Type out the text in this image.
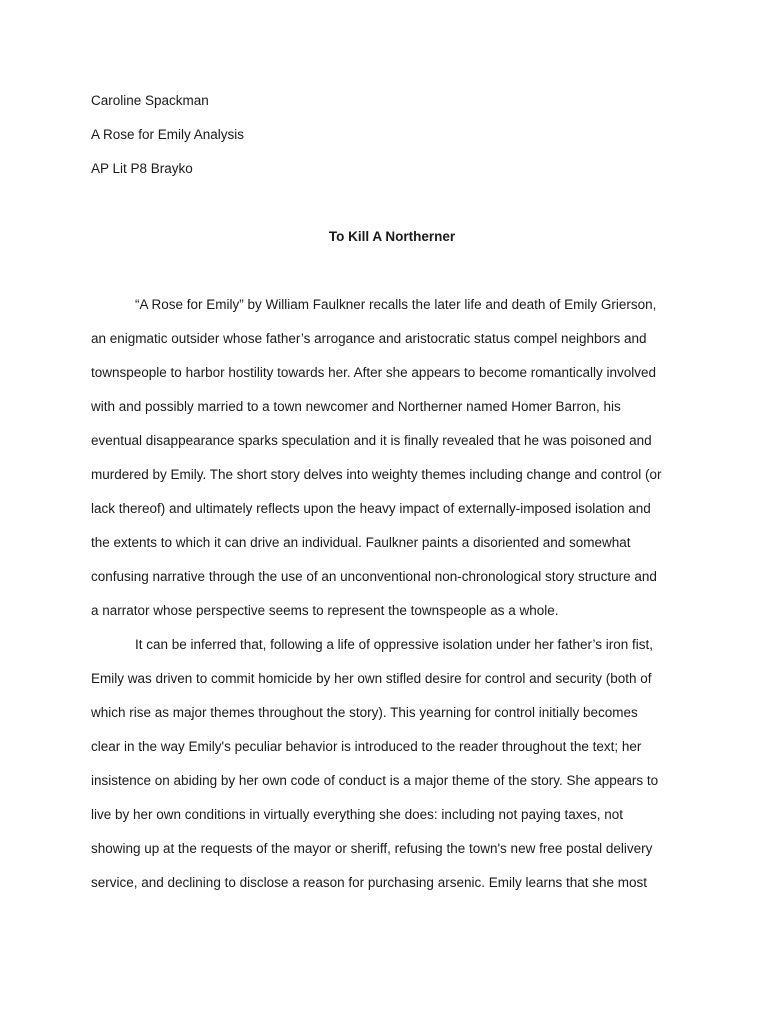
Caroline Spackman
A Rose for Emily Analysis
AP Lit P8 Brayko
To Kill A Northerner
“A Rose for Emily” by William Faulkner recalls the later life and death of Emily Grierson,
an enigmatic outsider whose father’s arrogance and aristocratic status compel neighbors and
townspeople to harbor hostility towards her. After she appears to become romantically involved
with and possibly married to a town newcomer and Northerner named Homer Barron, his
eventual disappearance sparks speculation and it is finally revealed that he was poisoned and
murdered by Emily. The short story delves into weighty themes including change and control (or
lack thereof) and ultimately reflects upon the heavy impact of externally-imposed isolation and
the extents to which it can drive an individual. Faulkner paints a disoriented and somewhat
confusing narrative through the use of an unconventional non-chronological story structure and
a narrator whose perspective seems to represent the townspeople as a whole.
It can be inferred that, following a life of oppressive isolation under her father’s iron fist,
Emily was driven to commit homicide by her own stifled desire for control and security (both of
which rise as major themes throughout the story). This yearning for control initially becomes
clear in the way Emily's peculiar behavior is introduced to the reader throughout the text; her
insistence on abiding by her own code of conduct is a major theme of the story. She appears to
live by her own conditions in virtually everything she does: including not paying taxes, not
showing up at the requests of the mayor or sheriff, refusing the town's new free postal delivery
service, and declining to disclose a reason for purchasing arsenic. Emily learns that she most
